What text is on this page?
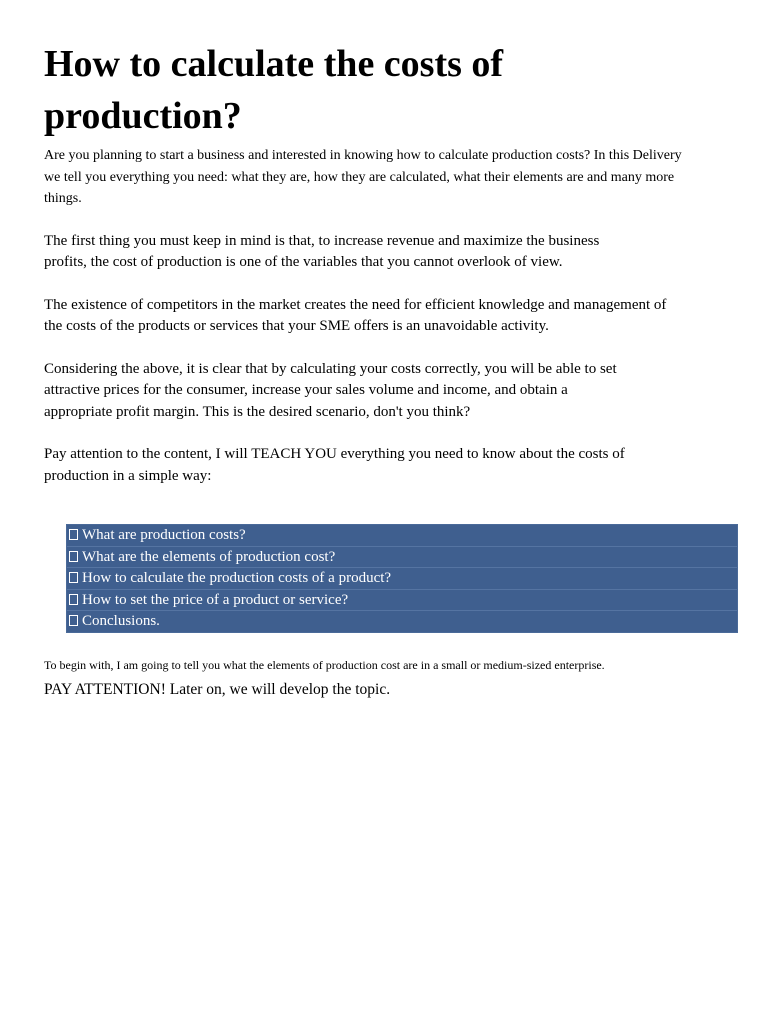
How to calculate the costs of production?

Are you planning to start a business and interested in knowing how to calculate production costs? In this Delivery we tell you everything you need: what they are, how they are calculated, what their elements are and many more things.

The first thing you must keep in mind is that, to increase revenue and maximize the business profits, the cost of production is one of the variables that you cannot overlook of view.

The existence of competitors in the market creates the need for efficient knowledge and management of the costs of the products or services that your SME offers is an unavoidable activity.

Considering the above, it is clear that by calculating your costs correctly, you will be able to set attractive prices for the consumer, increase your sales volume and income, and obtain a appropriate profit margin. This is the desired scenario, don't you think?

Pay attention to the content, I will TEACH YOU everything you need to know about the costs of production in a simple way:

What are production costs?
What are the elements of production cost?
How to calculate the production costs of a product?
How to set the price of a product or service?
Conclusions.

To begin with, I am going to tell you what the elements of production cost are in a small or medium-sized enterprise.

PAY ATTENTION! Later on, we will develop the topic.
